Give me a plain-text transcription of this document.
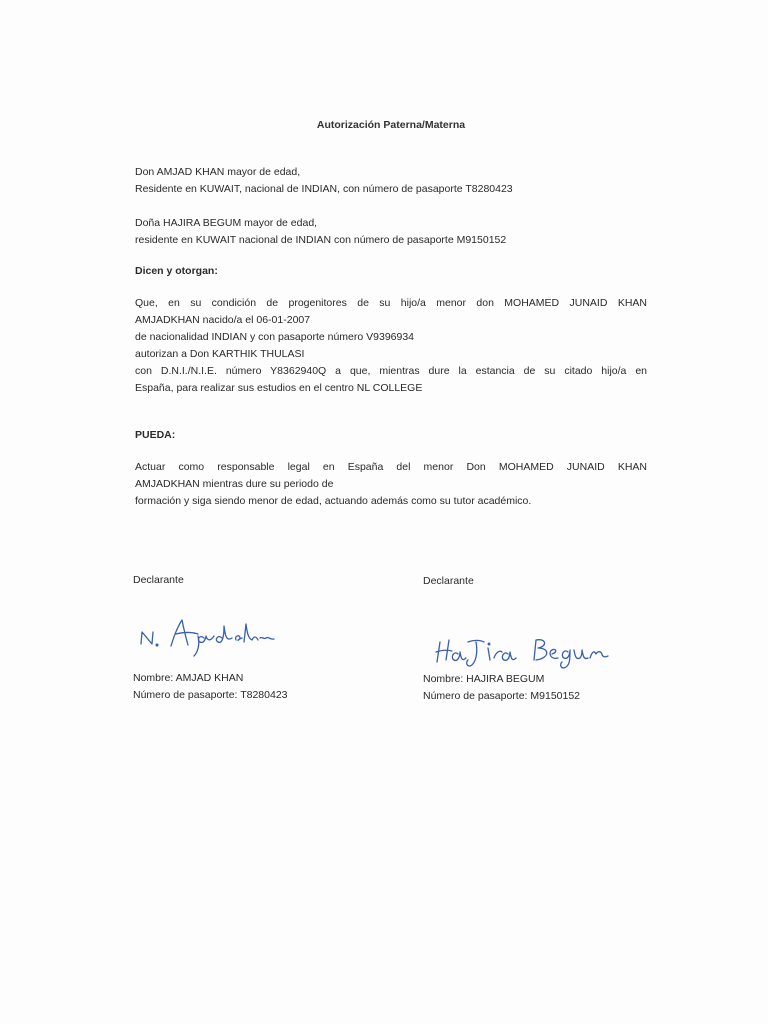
Autorización Paterna/Materna
Don AMJAD KHAN mayor de edad,
Residente en KUWAIT, nacional de INDIAN, con número de pasaporte T8280423
Doña HAJIRA BEGUM mayor de edad,
residente en KUWAIT nacional de INDIAN con número de pasaporte M9150152
Dicen y otorgan:
Que, en su condición de progenitores de su hijo/a menor don MOHAMED JUNAID KHAN
AMJADKHAN nacido/a el 06-01-2007
de nacionalidad INDIAN y con pasaporte número V9396934
autorizan a Don KARTHIK THULASI
con D.N.I./N.I.E. número Y8362940Q a que, mientras dure la estancia de su citado hijo/a en
España, para realizar sus estudios en el centro NL COLLEGE
PUEDA:
Actuar como responsable legal en España del menor Don MOHAMED JUNAID KHAN
AMJADKHAN mientras dure su periodo de
formación y siga siendo menor de edad, actuando además como su tutor académico.
Declarante
Nombre: AMJAD KHAN
Número de pasaporte: T8280423
Declarante
Nombre: HAJIRA BEGUM
Número de pasaporte: M9150152
